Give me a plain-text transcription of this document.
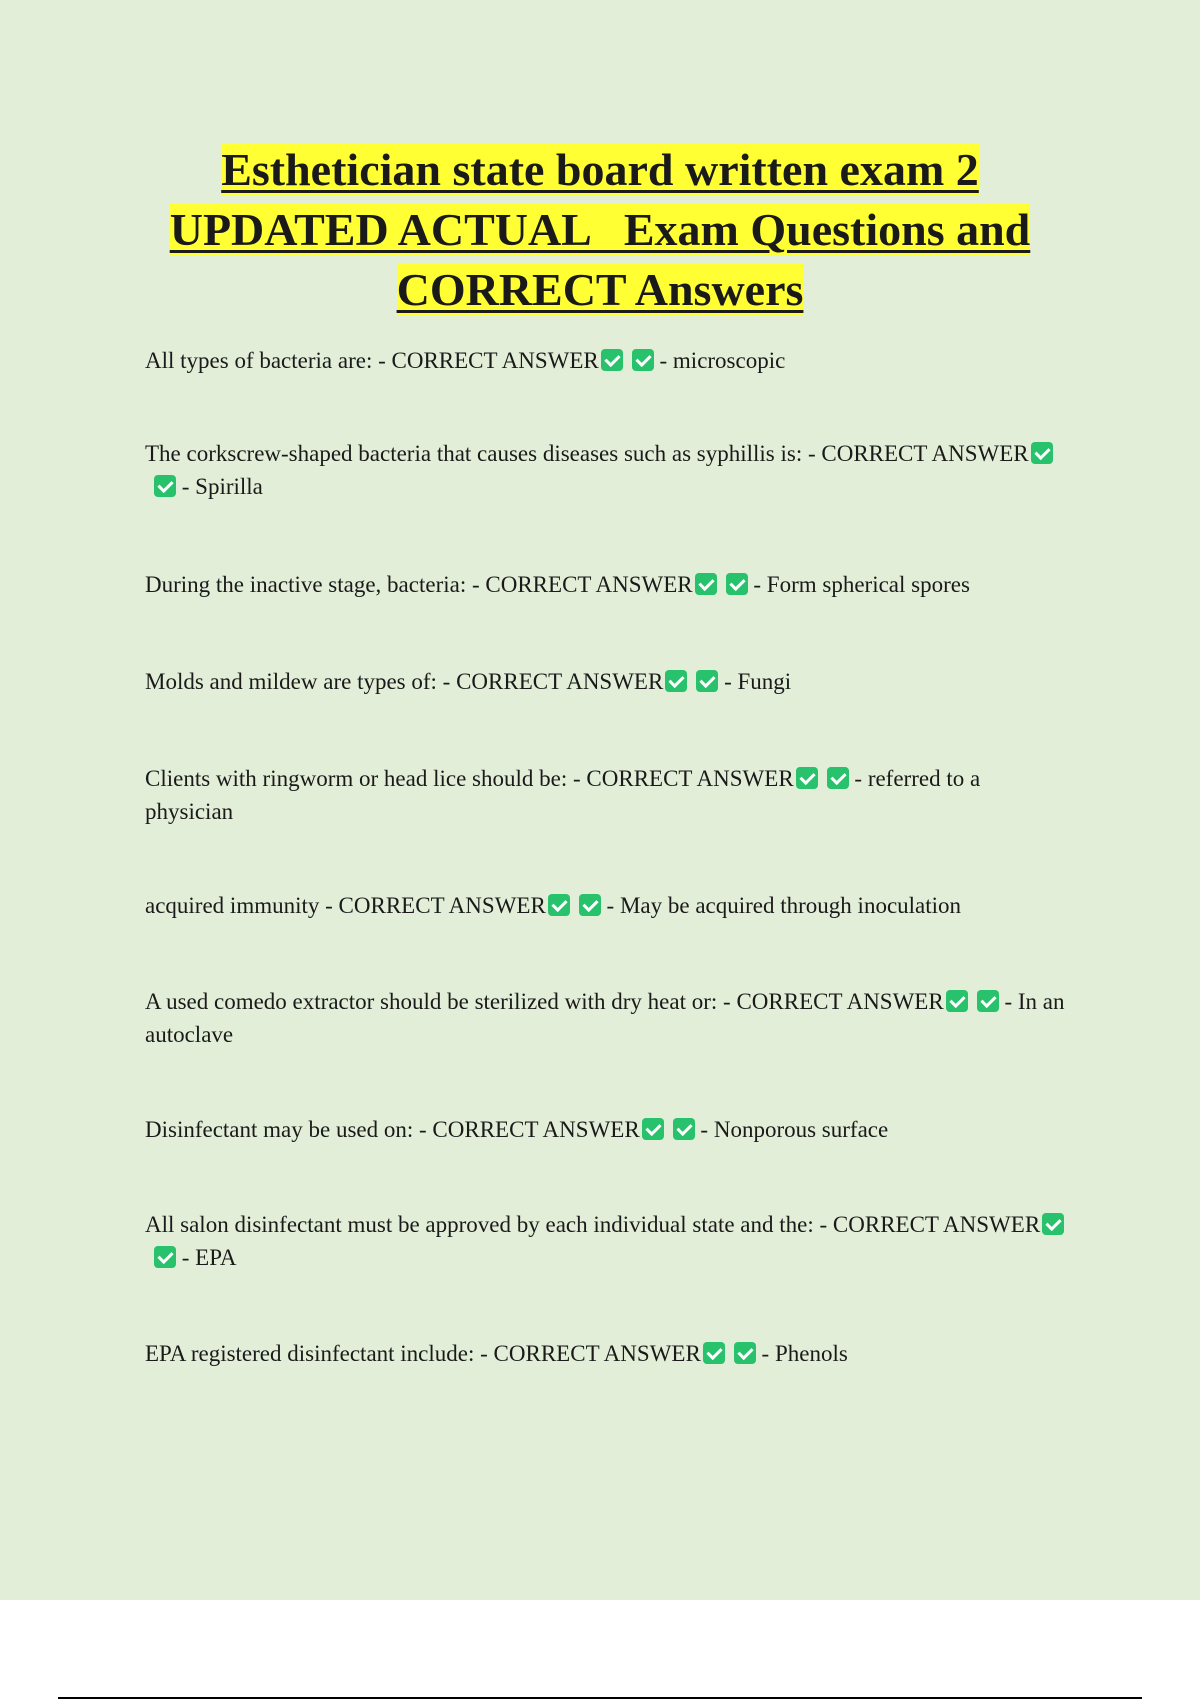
Esthetician state board written exam 2
UPDATED ACTUAL   Exam Questions and
CORRECT Answers

All types of bacteria are: - CORRECT ANSWER - microscopic

The corkscrew-shaped bacteria that causes diseases such as syphillis is: - CORRECT ANSWER - Spirilla

During the inactive stage, bacteria: - CORRECT ANSWER - Form spherical spores

Molds and mildew are types of: - CORRECT ANSWER - Fungi

Clients with ringworm or head lice should be: - CORRECT ANSWER - referred to a physician

acquired immunity - CORRECT ANSWER - May be acquired through inoculation

A used comedo extractor should be sterilized with dry heat or: - CORRECT ANSWER - In an autoclave

Disinfectant may be used on: - CORRECT ANSWER - Nonporous surface

All salon disinfectant must be approved by each individual state and the: - CORRECT ANSWER - EPA

EPA registered disinfectant include: - CORRECT ANSWER - Phenols
